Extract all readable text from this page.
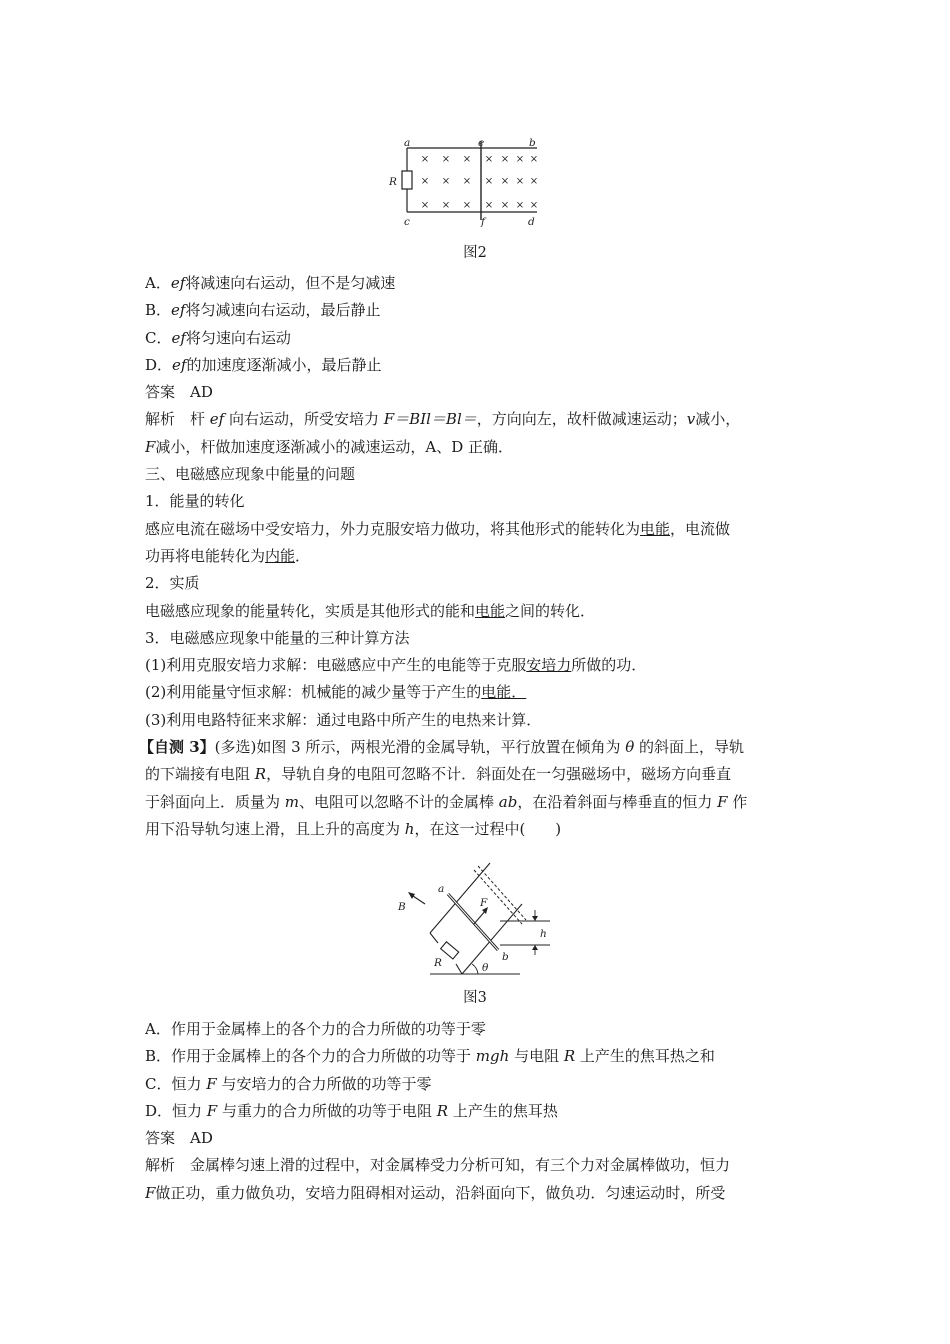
× × × × × × ×
× × × × × × ×
× × × × × × ×
a	e	b
R
c	f	d
图2
A．ef将减速向右运动，但不是匀减速
B．ef将匀减速向右运动，最后静止
C．ef将匀速向右运动
D．ef的加速度逐渐减小，最后静止
答案　AD
解析　杆 ef 向右运动，所受安培力 F＝BIl＝Bl＝，方向向左，故杆做减速运动；v减小，
F减小，杆做加速度逐渐减小的减速运动，A、D 正确．
三、电磁感应现象中能量的问题
1．能量的转化
感应电流在磁场中受安培力，外力克服安培力做功，将其他形式的能转化为电能，电流做
功再将电能转化为内能．
2．实质
电磁感应现象的能量转化，实质是其他形式的能和电能之间的转化．
3．电磁感应现象中能量的三种计算方法
(1)利用克服安培力求解：电磁感应中产生的电能等于克服安培力所做的功．
(2)利用能量守恒求解：机械能的减少量等于产生的电能．
(3)利用电路特征来求解：通过电路中所产生的电热来计算．
【自测 3】(多选)如图 3 所示，两根光滑的金属导轨，平行放置在倾角为 θ 的斜面上，导轨
的下端接有电阻 R，导轨自身的电阻可忽略不计．斜面处在一匀强磁场中，磁场方向垂直
于斜面向上．质量为 m、电阻可以忽略不计的金属棒 ab，在沿着斜面与棒垂直的恒力 F 作
用下沿导轨匀速上滑，且上升的高度为 h，在这一过程中(　　)
B
a
F
h
R	θ
b
图3
A．作用于金属棒上的各个力的合力所做的功等于零
B．作用于金属棒上的各个力的合力所做的功等于 mgh 与电阻 R 上产生的焦耳热之和
C．恒力 F 与安培力的合力所做的功等于零
D．恒力 F 与重力的合力所做的功等于电阻 R 上产生的焦耳热
答案　AD
解析　金属棒匀速上滑的过程中，对金属棒受力分析可知，有三个力对金属棒做功，恒力
F做正功，重力做负功，安培力阻碍相对运动，沿斜面向下，做负功．匀速运动时，所受
